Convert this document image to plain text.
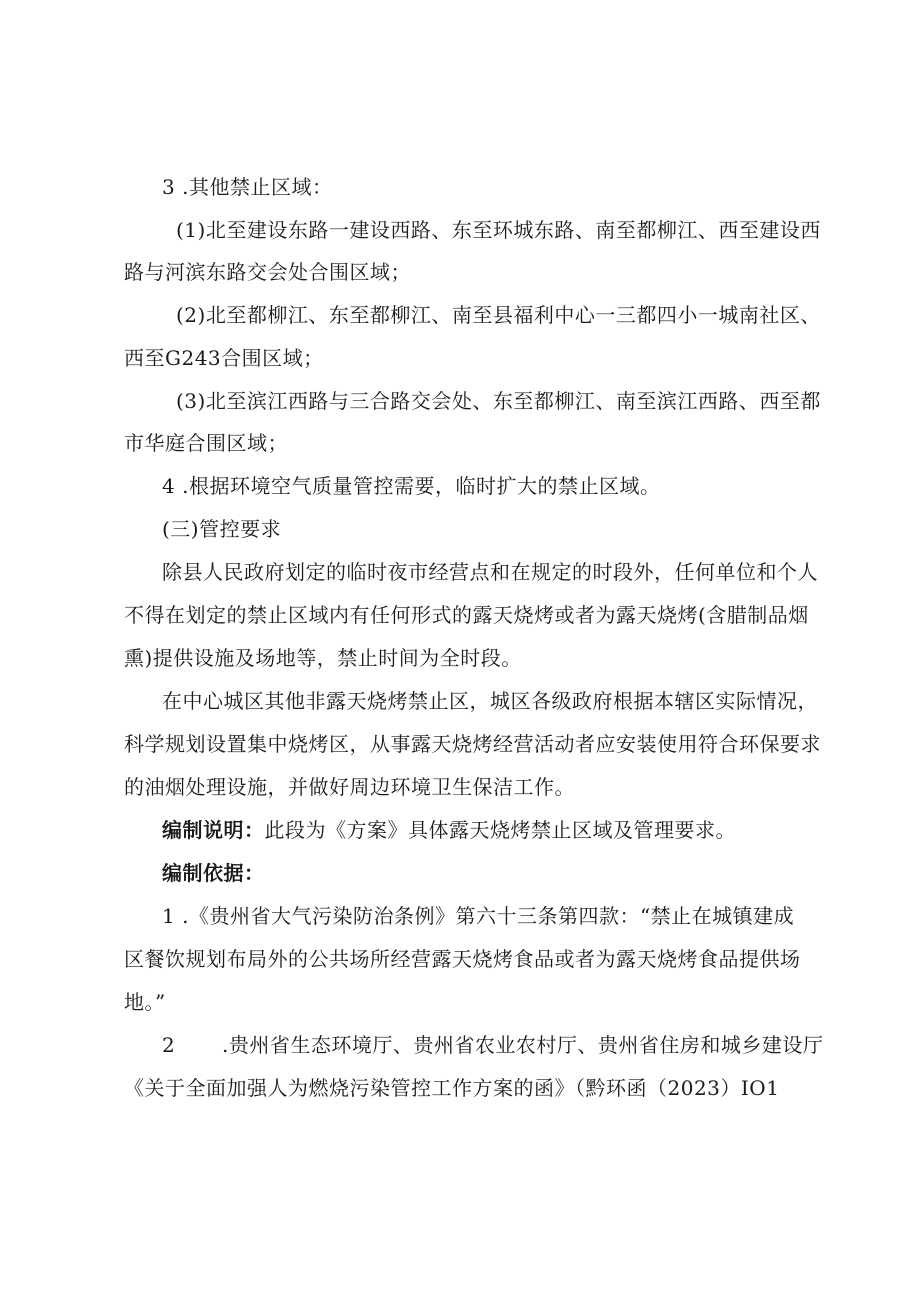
3 .其他禁止区域：
(1)北至建设东路一建设西路、东至环城东路、南至都柳江、西至建设西
路与河滨东路交会处合围区域；
(2)北至都柳江、东至都柳江、南至县福利中心一三都四小一城南社区、
西至G243合围区域；
(3)北至滨江西路与三合路交会处、东至都柳江、南至滨江西路、西至都
市华庭合围区域；
4 .根据环境空气质量管控需要，临时扩大的禁止区域。
(三)管控要求
除县人民政府划定的临时夜市经营点和在规定的时段外，任何单位和个人
不得在划定的禁止区域内有任何形式的露天烧烤或者为露天烧烤(含腊制品烟
熏)提供设施及场地等，禁止时间为全时段。
在中心城区其他非露天烧烤禁止区，城区各级政府根据本辖区实际情况，
科学规划设置集中烧烤区，从事露天烧烤经营活动者应安装使用符合环保要求
的油烟处理设施，并做好周边环境卫生保洁工作。
编制说明：此段为《方案》具体露天烧烤禁止区域及管理要求。
编制依据：
1 .《贵州省大气污染防治条例》第六十三条第四款：“禁止在城镇建成
区餐饮规划布局外的公共场所经营露天烧烤食品或者为露天烧烤食品提供场
地。”
2 .贵州省生态环境厅、贵州省农业农村厅、贵州省住房和城乡建设厅
《关于全面加强人为燃烧污染管控工作方案的函》（黔环函（2023）IO1
